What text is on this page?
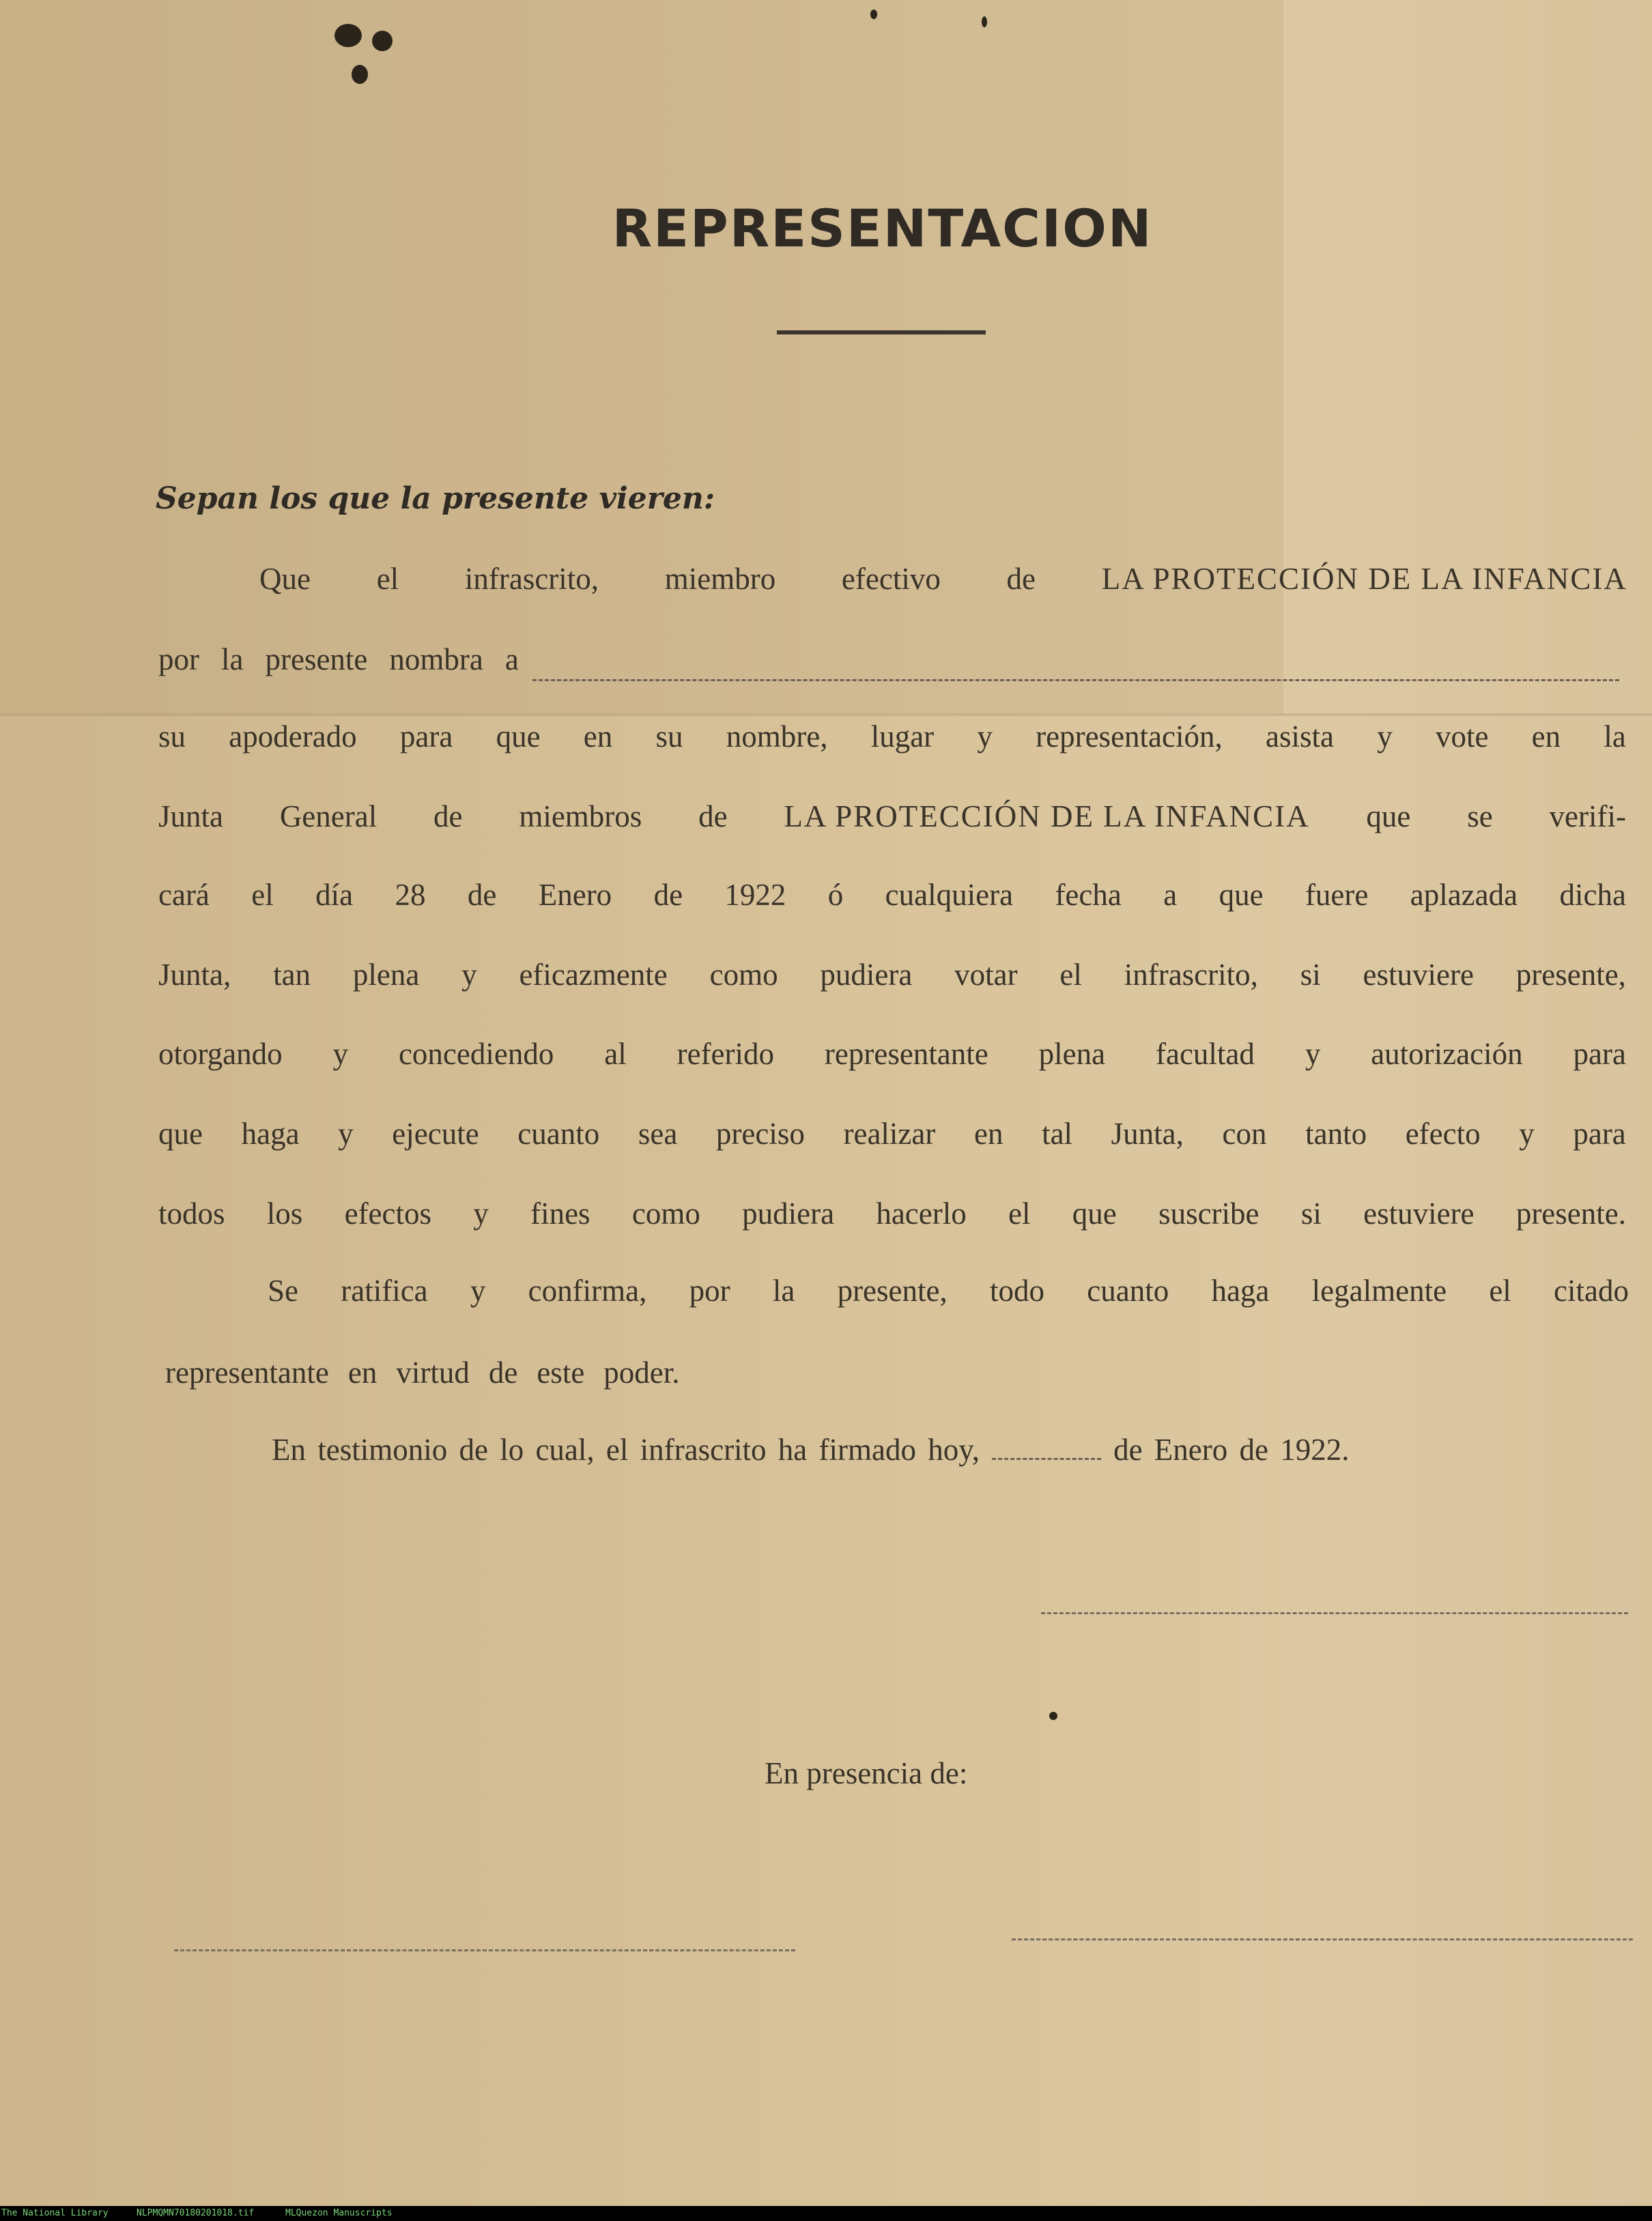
REPRESENTACION
Sepan los que la presente vieren:
Que el infrascrito, miembro efectivo de LA PROTECCIÓN DE LA INFANCIA
por la presente nombra a
su apoderado para que en su nombre, lugar y representación, asista y vote en la
Junta General de miembros de LA PROTECCIÓN DE LA INFANCIA que se verifi-
cará el día 28 de Enero de 1922 ó cualquiera fecha a que fuere aplazada dicha
Junta, tan plena y eficazmente como pudiera votar el infrascrito, si estuviere presente,
otorgando y concediendo al referido representante plena facultad y autorización para
que haga y ejecute cuanto sea preciso realizar en tal Junta, con tanto efecto y para
todos los efectos y fines como pudiera hacerlo el que suscribe si estuviere presente.
Se ratifica y confirma, por la presente, todo cuanto haga legalmente el citado
representante en virtud de este poder.
En testimonio de lo cual, el infrascrito ha firmado hoy,	de Enero de 1922.
En presencia de:
The National Library	NLPMQMN70180201018.tif	MLQuezon Manuscripts
